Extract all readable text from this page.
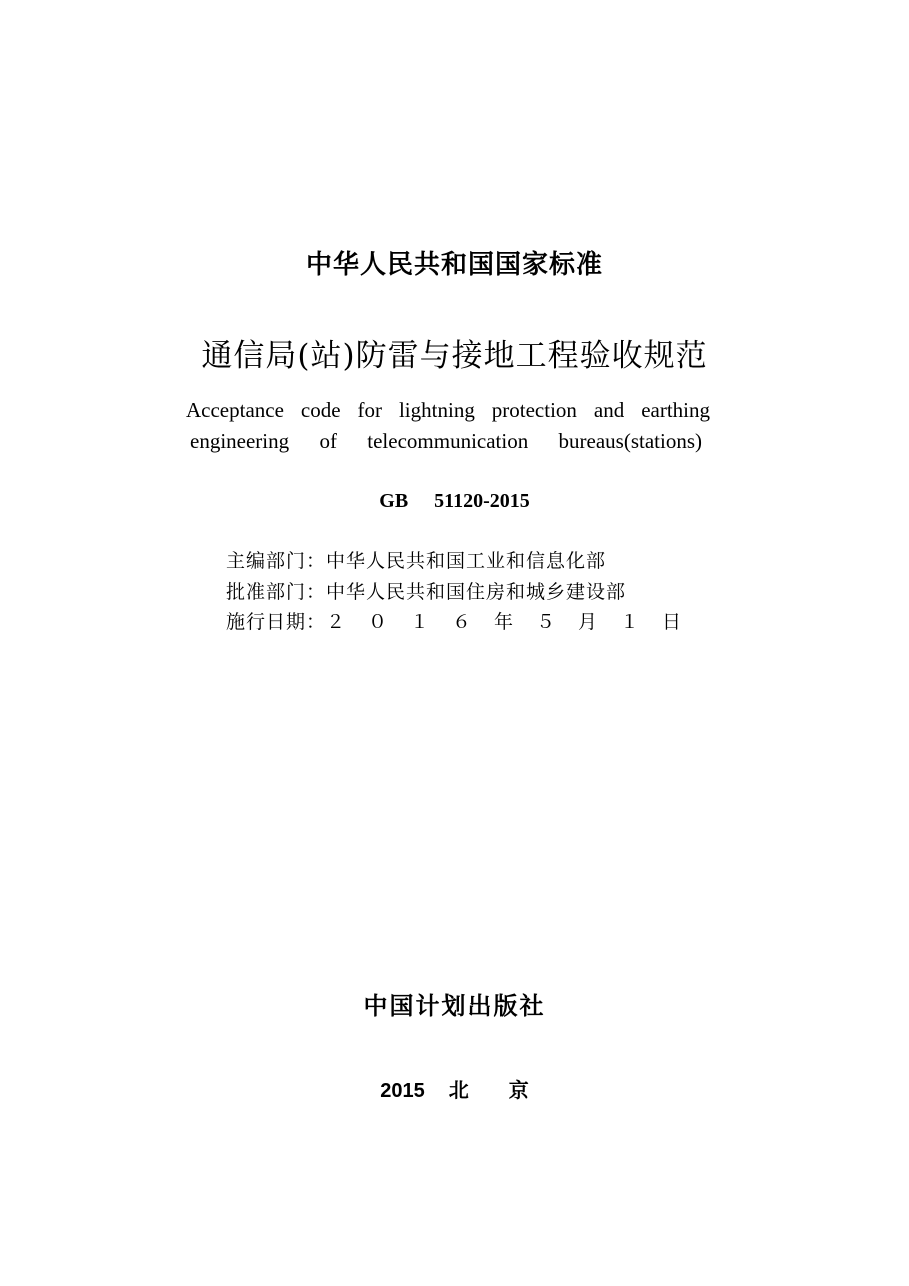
中华人民共和国国家标准
通信局(站)防雷与接地工程验收规范
Acceptance code for lightning protection and earthing
engineering of telecommunication bureaus(stations)
GB 51120-2015
主编部门：中华人民共和国工业和信息化部
批准部门：中华人民共和国住房和城乡建设部
施行日期：２ ０ １ ６ 年 ５ 月 １ 日
中国计划出版社
2015 北 京
